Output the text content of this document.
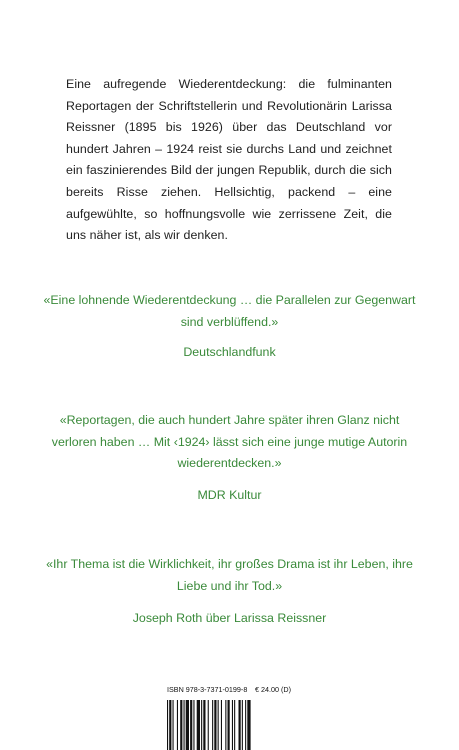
Eine aufregende Wiederentdeckung: die fulminanten Reportagen der Schriftstellerin und Revolutionärin Larissa Reissner (1895 bis 1926) über das Deutschland vor hundert Jahren – 1924 reist sie durchs Land und zeichnet ein faszinierendes Bild der jungen Republik, durch die sich bereits Risse ziehen. Hellsichtig, packend – eine aufgewühlte, so hoffnungsvolle wie zerrissene Zeit, die uns näher ist, als wir denken.

«Eine lohnende Wiederentdeckung … die Parallelen zur Gegenwart sind verblüffend.»

Deutschlandfunk

«Reportagen, die auch hundert Jahre später ihren Glanz nicht verloren haben … Mit ‹1924› lässt sich eine junge mutige Autorin wiederentdecken.»

MDR Kultur

«Ihr Thema ist die Wirklichkeit, ihr großes Drama ist ihr Leben, ihre Liebe und ihr Tod.»

Joseph Roth über Larissa Reissner

ISBN 978-3-7371-0199-8 € 24.00 (D)
